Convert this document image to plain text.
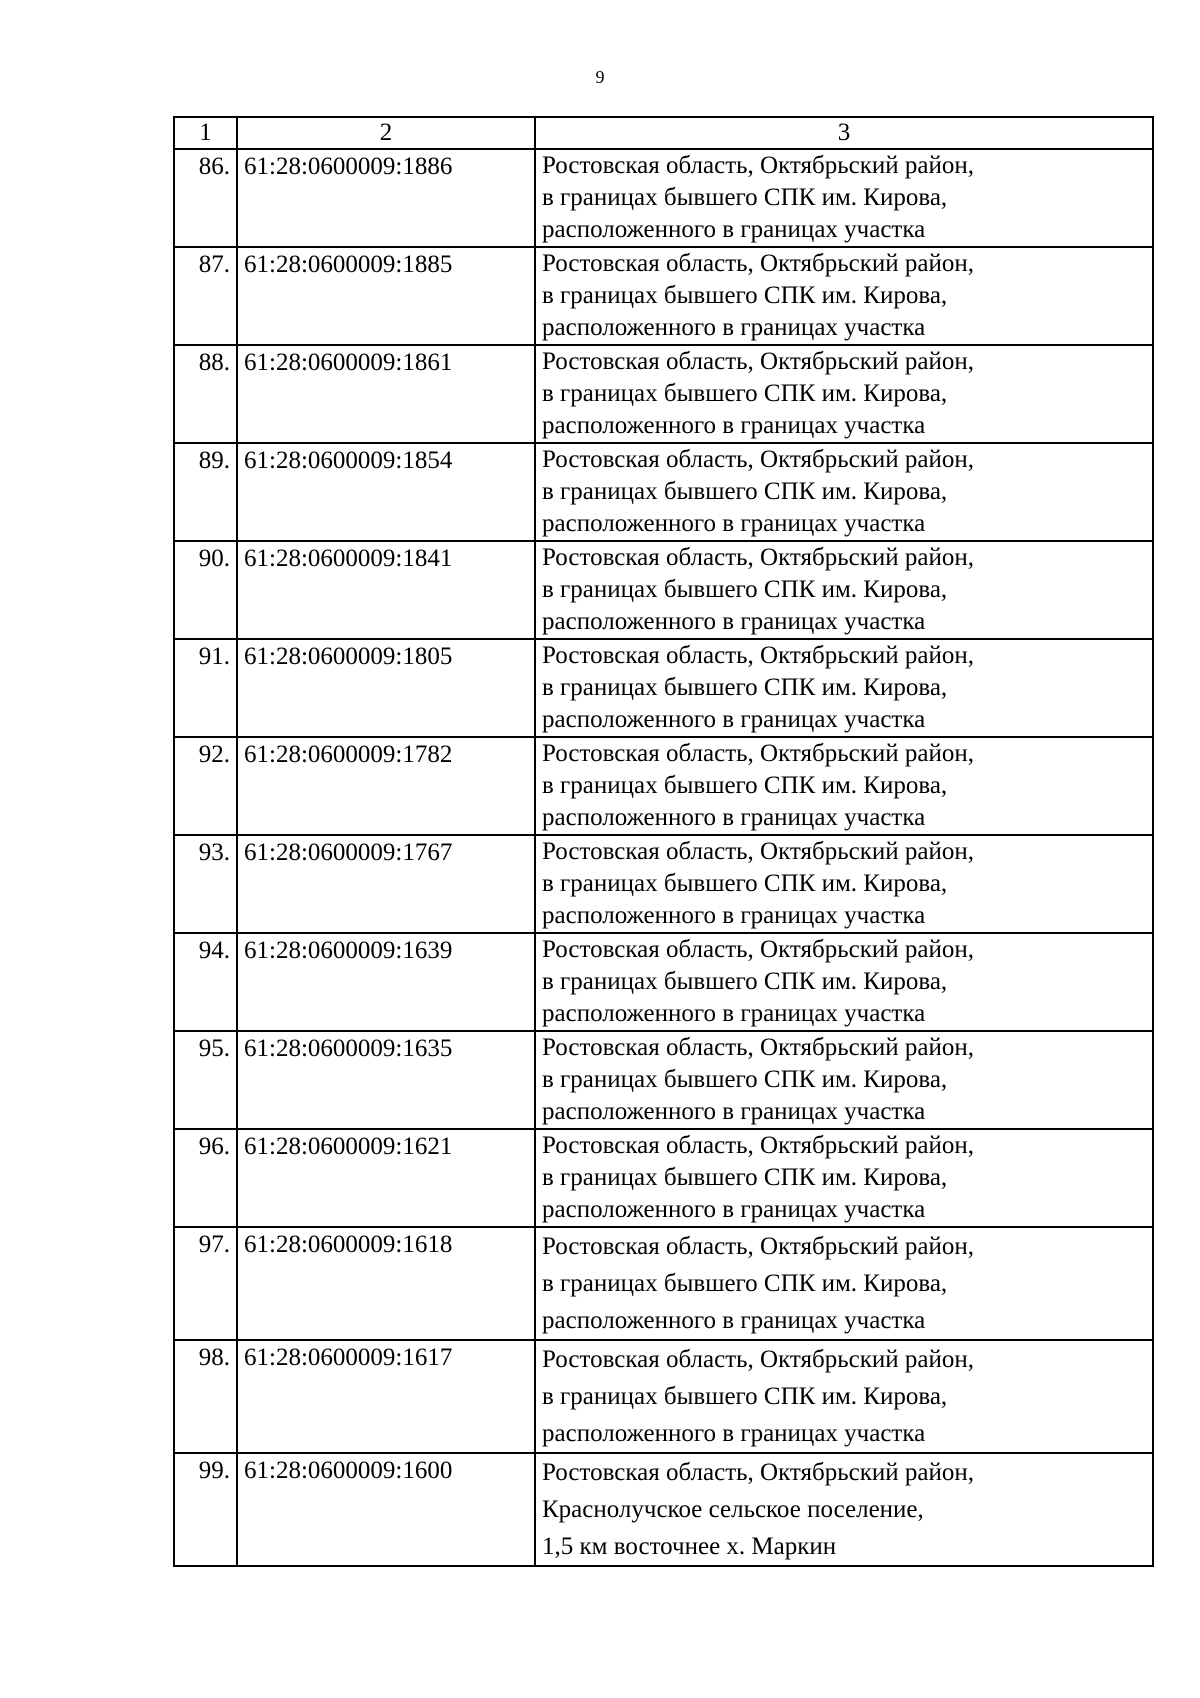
9
1	2	3
86.	61:28:0600009:1886	Ростовская область, Октябрьский район,
в границах бывшего СПК им. Кирова,
расположенного в границах участка

87.	61:28:0600009:1885	Ростовская область, Октябрьский район,
в границах бывшего СПК им. Кирова,
расположенного в границах участка

88.	61:28:0600009:1861	Ростовская область, Октябрьский район,
в границах бывшего СПК им. Кирова,
расположенного в границах участка

89.	61:28:0600009:1854	Ростовская область, Октябрьский район,
в границах бывшего СПК им. Кирова,
расположенного в границах участка

90.	61:28:0600009:1841	Ростовская область, Октябрьский район,
в границах бывшего СПК им. Кирова,
расположенного в границах участка

91.	61:28:0600009:1805	Ростовская область, Октябрьский район,
в границах бывшего СПК им. Кирова,
расположенного в границах участка

92.	61:28:0600009:1782	Ростовская область, Октябрьский район,
в границах бывшего СПК им. Кирова,
расположенного в границах участка

93.	61:28:0600009:1767	Ростовская область, Октябрьский район,
в границах бывшего СПК им. Кирова,
расположенного в границах участка

94.	61:28:0600009:1639	Ростовская область, Октябрьский район,
в границах бывшего СПК им. Кирова,
расположенного в границах участка

95.	61:28:0600009:1635	Ростовская область, Октябрьский район,
в границах бывшего СПК им. Кирова,
расположенного в границах участка

96.	61:28:0600009:1621	Ростовская область, Октябрьский район,
в границах бывшего СПК им. Кирова,
расположенного в границах участка

97.	61:28:0600009:1618	Ростовская область, Октябрьский район,
в границах бывшего СПК им. Кирова,
расположенного в границах участка

98.	61:28:0600009:1617	Ростовская область, Октябрьский район,
в границах бывшего СПК им. Кирова,
расположенного в границах участка

99.	61:28:0600009:1600	Ростовская область, Октябрьский район,
Краснолучское сельское поселение,
1,5 км восточнее х. Маркин
